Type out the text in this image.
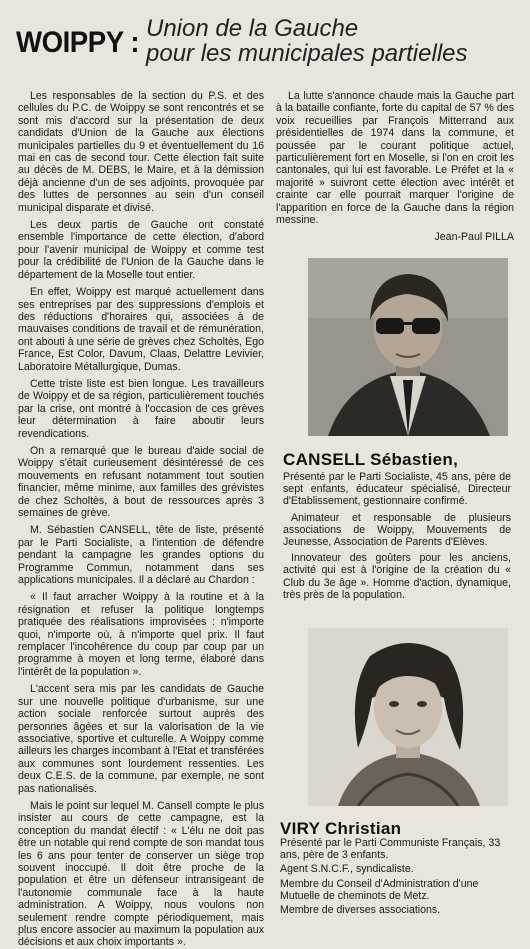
WOIPPY : Union de la Gauche
pour les municipales partielles

Les responsables de la section du P.S. et des cellules du P.C. de Woippy se sont rencontrés et se sont mis d'accord sur la présentation de deux candidats d'Union de la Gauche aux élections municipales partielles du 9 et éventuellement du 16 mai en cas de second tour. Cette élection fait suite au décès de M. DEBS, le Maire, et à la démission déjà ancienne d'un de ses adjoints, provoquée par des luttes de personnes au sein d'un conseil municipal disparate et divisé.

Les deux partis de Gauche ont constaté ensemble l'importance de cette élection, d'abord pour l'avenir municipal de Woippy et comme test pour la crédibilité de l'Union de la Gauche dans le département de la Moselle tout entier.

En effet, Woippy est marqué actuellement dans ses entreprises par des suppressions d'emplois et des réductions d'horaires qui, associées à de mauvaises conditions de travail et de rémunération, ont abouti à une série de grèves chez Scholtès, Ego France, Est Color, Davum, Claas, Delattre Levivier, Laboratoire Métallurgique, Dumas.

Cette triste liste est bien longue. Les travailleurs de Woippy et de sa région, particulièrement touchés par la crise, ont montré à l'occasion de ces grèves leur détermination à faire aboutir leurs revendications.

On a remarqué que le bureau d'aide social de Woippy s'était curieusement désintéressé de ces mouvements en refusant notamment tout soutien financier, même minime, aux familles des grévistes de chez Scholtès, à bout de ressources après 3 semaines de grève.

M. Sébastien CANSELL, tête de liste, présenté par le Parti Socialiste, a l'intention de défendre pendant la campagne les grandes options du Programme Commun, notamment dans ses applications municipales. Il a déclaré au Chardon :

« Il faut arracher Woippy à la routine et à la résignation et refuser la politique longtemps pratiquée des réalisations improvisées : n'importe quoi, n'importe où, à n'importe quel prix. Il faut remplacer l'incohérence du coup par coup par un programme à moyen et long terme, élaboré dans l'intérêt de la population ».

L'accent sera mis par les candidats de Gauche sur une nouvelle politique d'urbanisme, sur une action sociale renforcée surtout auprès des personnes âgées et sur la valorisation de la vie associative, sportive et culturelle. A Woippy comme ailleurs les charges incombant à l'Etat et transférées aux communes sont lourdement ressenties. Les deux C.E.S. de la commune, par exemple, ne sont pas nationalisés.

Mais le point sur lequel M. Cansell compte le plus insister au cours de cette campagne, est la conception du mandat électif : « L'élu ne doit pas être un notable qui rend compte de son mandat tous les 6 ans pour tenter de conserver un siège trop souvent inoccupé. Il doit être proche de la population et être un défenseur intransigeant de l'autonomie communale face à la haute administration. A Woippy, nous voulons non seulement rendre compte périodiquement, mais plus encore associer au maximum la population aux décisions et aux choix importants ».

La lutte s'annonce chaude mais la Gauche part à la bataille confiante, forte du capital de 57 % des voix recueillies par François Mitterrand aux présidentielles de 1974 dans la commune, et poussée par le courant politique actuel, particulièrement fort en Moselle, si l'on en croit les cantonales, qui lui est favorable. Le Préfet et la « majorité » suivront cette élection avec intérêt et crainte car elle pourrait marquer l'origine de l'apparition en force de la Gauche dans la région messine.

Jean-Paul PILLA

CANSELL Sébastien,

Présenté par le Parti Socialiste, 45 ans, père de sept enfants, éducateur spécialisé, Directeur d'Etablissement, gestionnaire confirmé.

Animateur et responsable de plusieurs associations de Woippy, Mouvements de Jeunesse, Association de Parents d'Elèves.

Innovateur des goûters pour les anciens, activité qui est à l'origine de la création du « Club du 3e âge ». Homme d'action, dynamique, très près de la population.

VIRY Christian

Présenté par le Parti Communiste Français, 33 ans, père de 3 enfants.

Agent S.N.C.F., syndicaliste.

Membre du Conseil d'Administration d'une Mutuelle de cheminots de Metz.

Membre de diverses associations.
